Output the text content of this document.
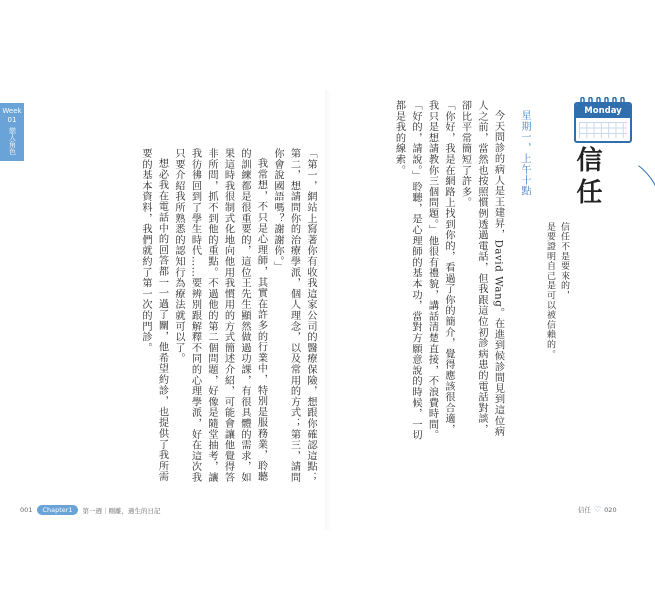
Week
01
戀人角色

「第一，網站上寫著你有收我這家公司的醫療保險，想跟你確認這點；第二，想請問你的治療學派，個人理念，以及常用的方式；第三，請問你會說國語嗎？謝謝你。」

我常想，不只是心理師，其實在許多的行業中，特別是服務業，聆聽的訓練都是很重要的，這位王先生顯然做過功課，有很具體的需求，如果這時我很制式化地向他用我慣用的方式簡述介紹，可能會讓他覺得答非所問，抓不到他的重點。不過他的第二個問題，好像是隨堂抽考，讓我彷彿回到了學生時代……要辨別跟解釋不同的心理學派，好在這次我只要介紹我所熟悉的認知行為療法就可以了。

想必我在電話中的回答都一一過了關，他希望約診，也提供了我所需要的基本資料，我們就約了第一次的門診。	星期一，上午十點

今天問診的病人是王建昇，David Wang。在進到候診間見到這位病人之前，當然也按照慣例透過電話，但我跟這位初診病患的電話對談，卻比平常簡短了許多。

「你好，我是在網路上找到你的，看過了你的簡介，覺得應該很合適，我只是想請教你三個問題。」他很有禮貌，講話清楚直接，不浪費時間。

「好的，請說。」聆聽，是心理師的基本功，當對方願意說的時候，一切都是我的線索。	Monday
信任
信任不是要來的，
是要證明自己是可以被信賴的。
001	Chapter1	第一週｜剛離，過生的日記	信任 ♡ 020
